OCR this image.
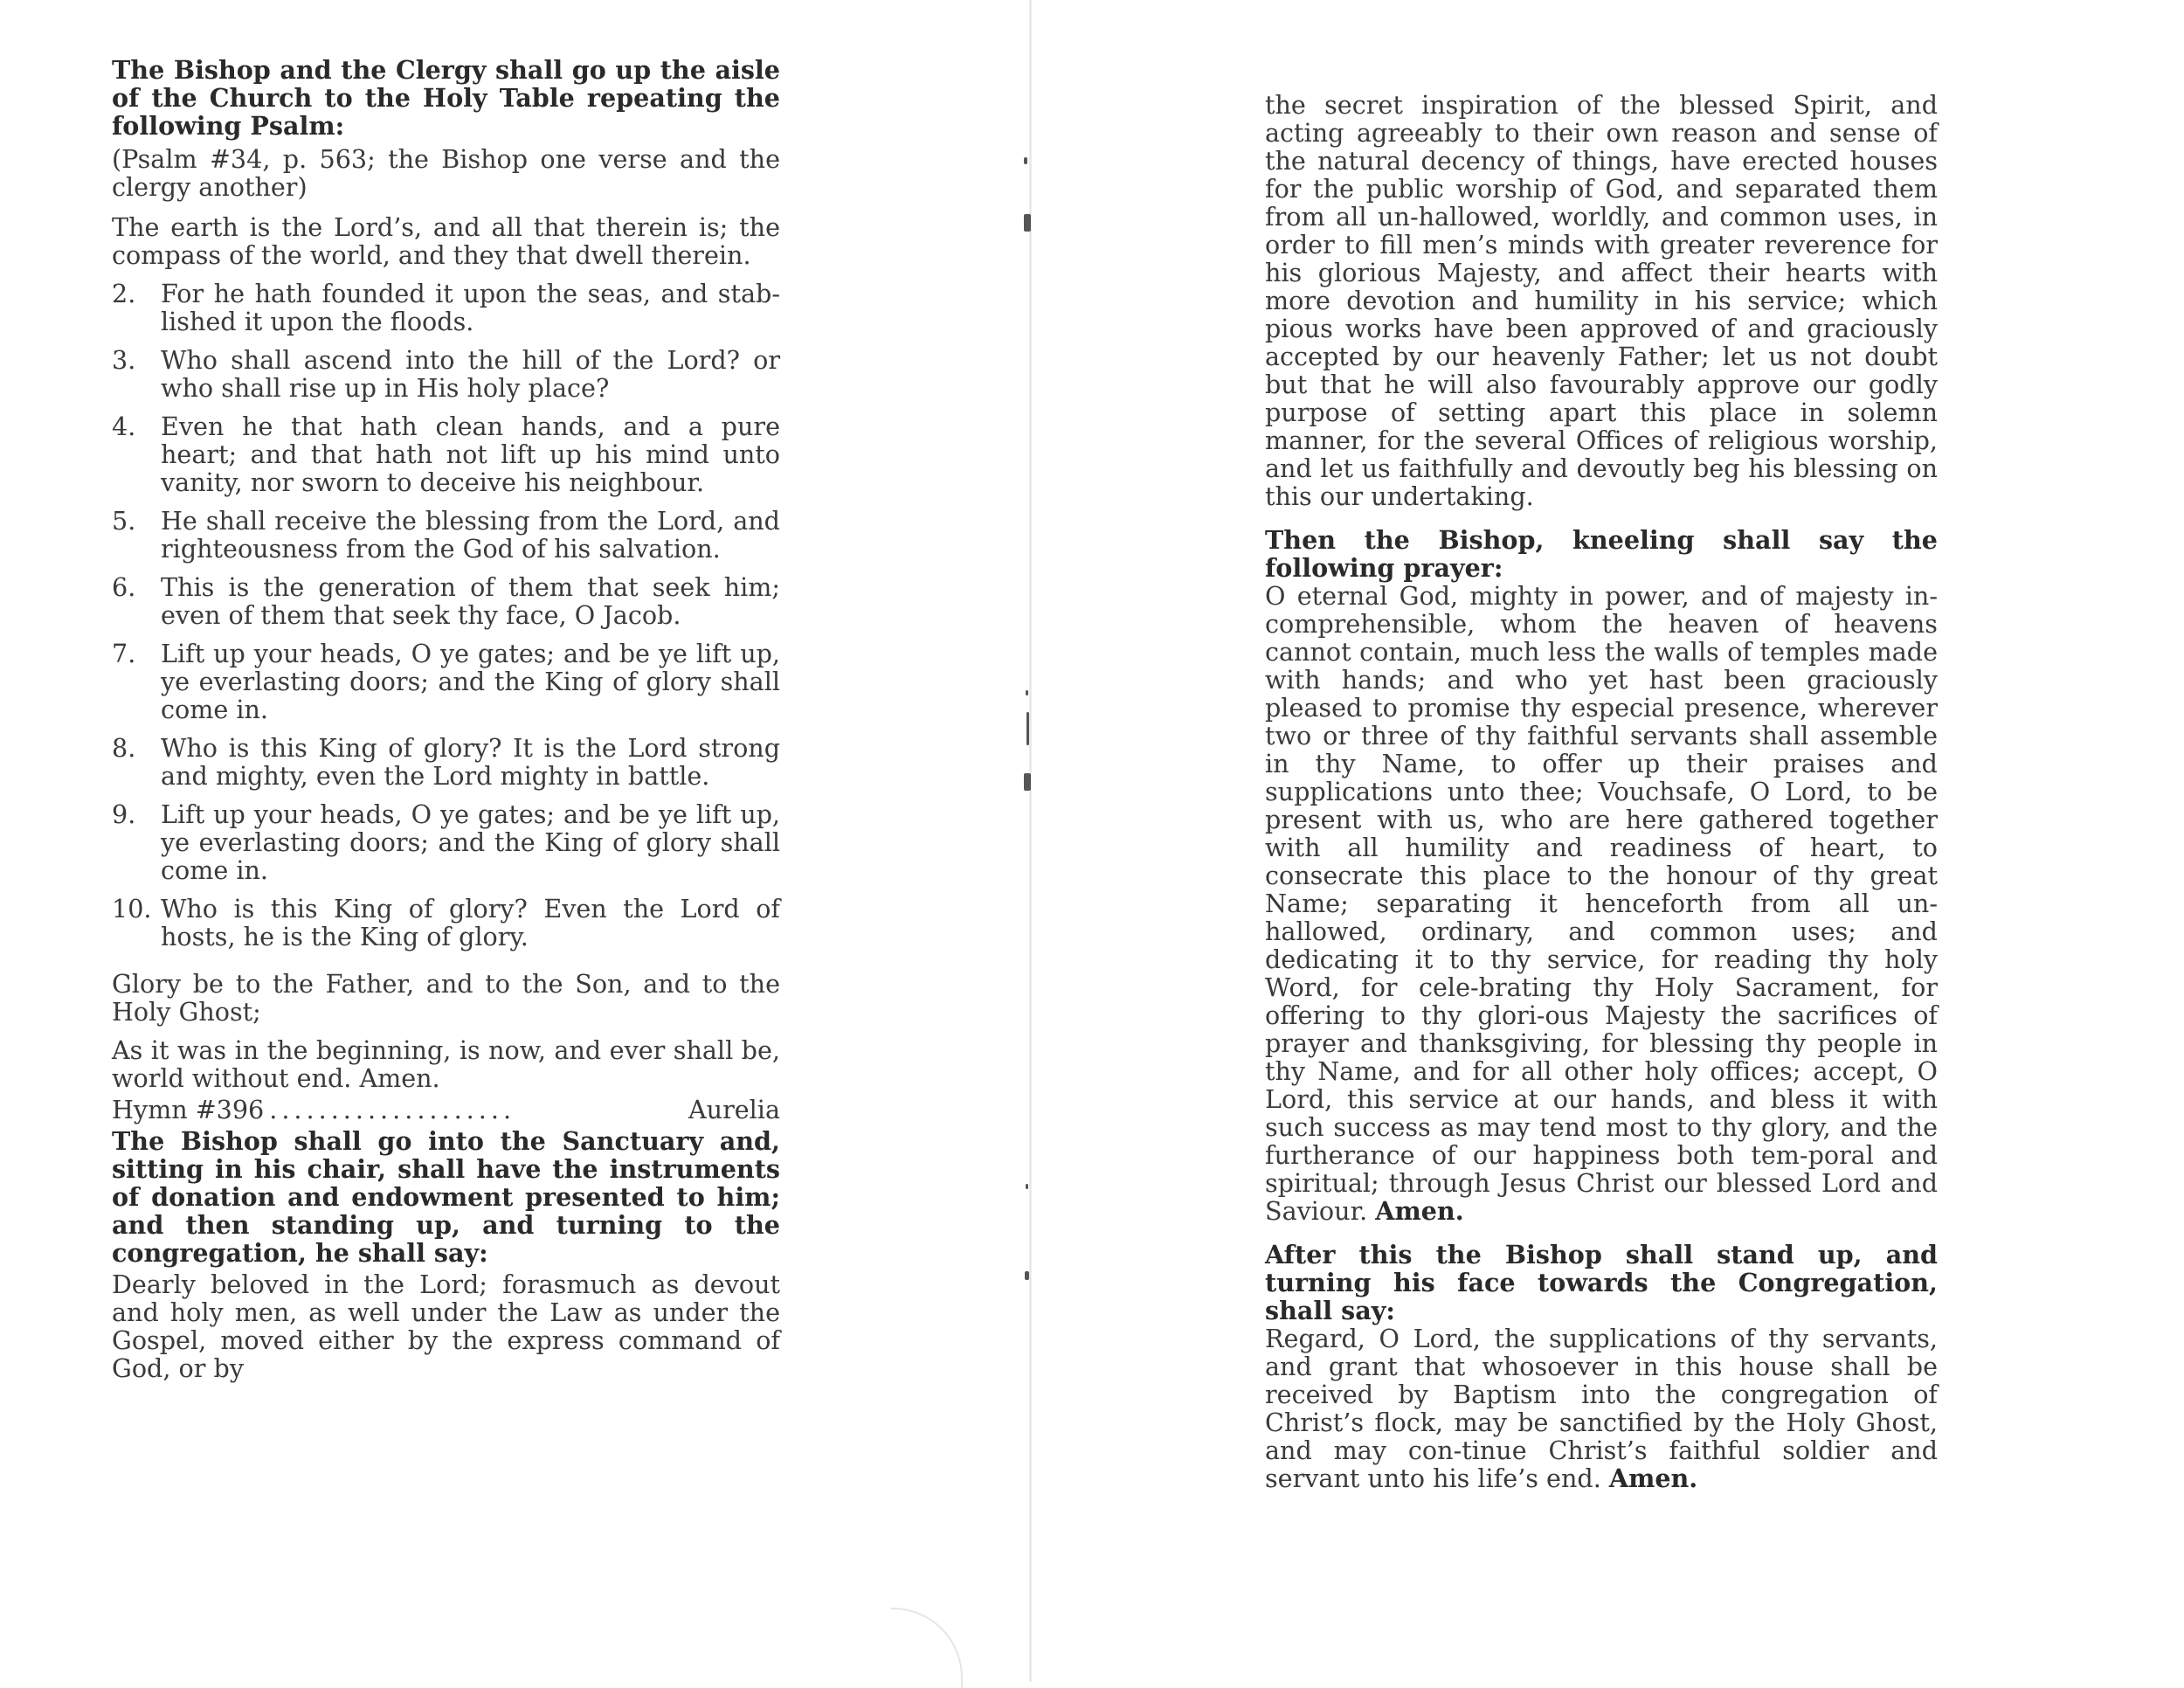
The Bishop and the Clergy shall go up the aisle of the Church to the Holy Table repeating the following Psalm:

(Psalm #34, p. 563; the Bishop one verse and the clergy another)

The earth is the Lord’s, and all that therein is; the compass of the world, and they that dwell therein.

2.	For he hath founded it upon the seas, and stab-lished it upon the floods.
3.	Who shall ascend into the hill of the Lord? or who shall rise up in His holy place?
4.	Even he that hath clean hands, and a pure heart; and that hath not lift up his mind unto vanity, nor sworn to deceive his neighbour.
5.	He shall receive the blessing from the Lord, and righteousness from the God of his salvation.
6.	This is the generation of them that seek him; even of them that seek thy face, O Jacob.
7.	Lift up your heads, O ye gates; and be ye lift up, ye everlasting doors; and the King of glory shall come in.
8.	Who is this King of glory? It is the Lord strong and mighty, even the Lord mighty in battle.
9.	Lift up your heads, O ye gates; and be ye lift up, ye everlasting doors; and the King of glory shall come in.
10. Who is this King of glory? Even the Lord of hosts, he is the King of glory.

Glory be to the Father, and to the Son, and to the Holy Ghost;

As it was in the beginning, is now, and ever shall be, world without end. Amen.

Hymn #396 ....................	Aurelia

The Bishop shall go into the Sanctuary and, sitting in his chair, shall have the instruments of donation and endowment presented to him; and then standing up, and turning to the congregation, he shall say:

Dearly beloved in the Lord; forasmuch as devout and holy men, as well under the Law as under the Gospel, moved either by the express command of God, or by

the secret inspiration of the blessed Spirit, and acting agreeably to their own reason and sense of the natural decency of things, have erected houses for the public worship of God, and separated them from all un-hallowed, worldly, and common uses, in order to fill men’s minds with greater reverence for his glorious Majesty, and affect their hearts with more devotion and humility in his service; which pious works have been approved of and graciously accepted by our heavenly Father; let us not doubt but that he will also favourably approve our godly purpose of setting apart this place in solemn manner, for the several Offices of religious worship, and let us faithfully and devoutly beg his blessing on this our undertaking.

Then the Bishop, kneeling shall say the following prayer:

O eternal God, mighty in power, and of majesty in-comprehensible, whom the heaven of heavens cannot contain, much less the walls of temples made with hands; and who yet hast been graciously pleased to promise thy especial presence, wherever two or three of thy faithful servants shall assemble in thy Name, to offer up their praises and supplications unto thee; Vouchsafe, O Lord, to be present with us, who are here gathered together with all humility and readiness of heart, to consecrate this place to the honour of thy great Name; separating it henceforth from all un-hallowed, ordinary, and common uses; and dedicating it to thy service, for reading thy holy Word, for cele-brating thy Holy Sacrament, for offering to thy glori-ous Majesty the sacrifices of prayer and thanksgiving, for blessing thy people in thy Name, and for all other holy offices; accept, O Lord, this service at our hands, and bless it with such success as may tend most to thy glory, and the furtherance of our happiness both tem-poral and spiritual; through Jesus Christ our blessed Lord and Saviour. Amen.

After this the Bishop shall stand up, and turning his face towards the Congregation, shall say:

Regard, O Lord, the supplications of thy servants, and grant that whosoever in this house shall be received by Baptism into the congregation of Christ’s flock, may be sanctified by the Holy Ghost, and may con-tinue Christ’s faithful soldier and servant unto his life’s end. Amen.
